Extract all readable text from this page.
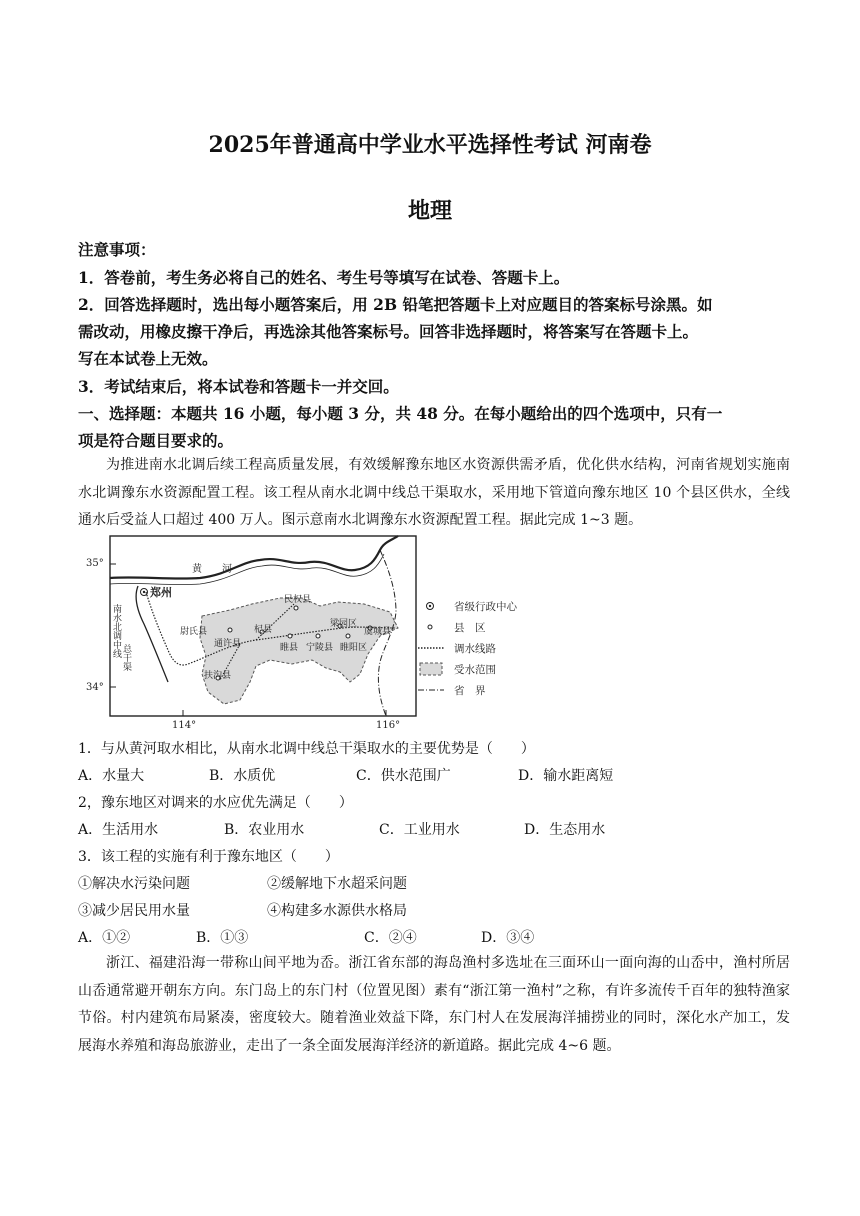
2025年普通高中学业水平选择性考试 河南卷
地理
注意事项：
1．答卷前，考生务必将自己的姓名、考生号等填写在试卷、答题卡上。
2．回答选择题时，选出每小题答案后，用 2B 铅笔把答题卡上对应题目的答案标号涂黑。如
需改动，用橡皮擦干净后，再选涂其他答案标号。回答非选择题时，将答案写在答题卡上。
写在本试卷上无效。
3．考试结束后，将本试卷和答题卡一并交回。
一、选择题：本题共 16 小题，每小题 3 分，共 48 分。在每小题给出的四个选项中，只有一
项是符合题目要求的。
为推进南水北调后续工程高质量发展，有效缓解豫东地区水资源供需矛盾，优化供水结构，河南省规划实施南水北调豫东水资源配置工程。该工程从南水北调中线总干渠取水，采用地下管道向豫东地区 10 个县区供水，全线通水后受益人口超过 400 万人。图示意南水北调豫东水资源配置工程。据此完成 1~3 题。
35°
34°
114°	116°
黄 河
南水北调中线 总干渠
郑州
民权县
尉氏县	杞县
通许县	睢县 宁陵县
梁园区
睢阳区
虞城县
扶沟县
省级行政中心
县　区
调水线路
受水范围
省　界
1．与从黄河取水相比，从南水北调中线总干渠取水的主要优势是（　　）
A．水量大	B．水质优	C．供水范围广	D．输水距离短
2，豫东地区对调来的水应优先满足（　　）
A．生活用水	B．农业用水	C．工业用水	D．生态用水
3．该工程的实施有利于豫东地区（　　）
①解决水污染问题	②缓解地下水超采问题
③减少居民用水量	④构建多水源供水格局
A．①②	B．①③	C．②④	D．③④
浙江、福建沿海一带称山间平地为岙。浙江省东部的海岛渔村多选址在三面环山一面向海的山岙中，渔村所居山岙通常避开朝东方向。东门岛上的东门村（位置见图）素有“浙江第一渔村”之称，有许多流传千百年的独特渔家节俗。村内建筑布局紧凑，密度较大。随着渔业效益下降，东门村人在发展海洋捕捞业的同时，深化水产加工，发展海水养殖和海岛旅游业，走出了一条全面发展海洋经济的新道路。据此完成 4~6 题。
